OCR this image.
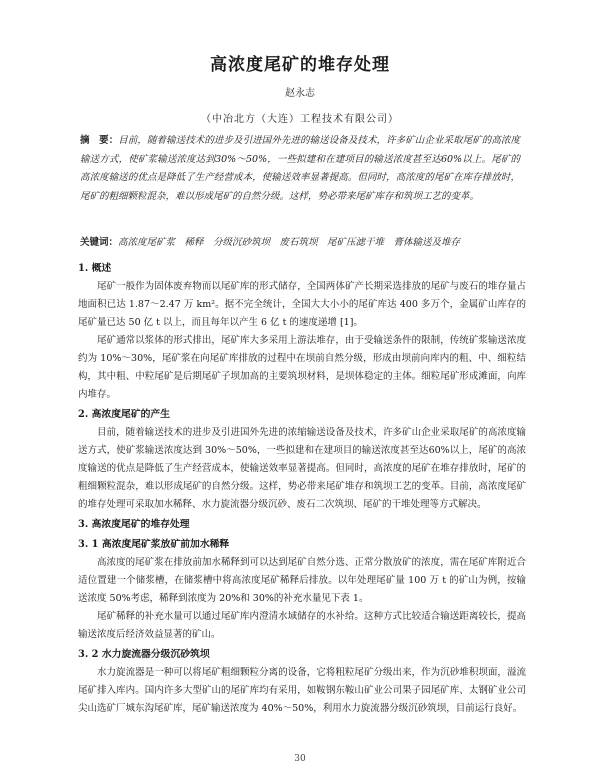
高浓度尾矿的堆存处理
赵永志
（中冶北方（大连）工程技术有限公司）
摘　要：目前，随着输送技术的进步及引进国外先进的输送设备及技术，许多矿山企业采取尾矿的高浓度输送方式，使矿浆输送浓度达到30%～50%，一些拟建和在建项目的输送浓度甚至达60%以上。尾矿的高浓度输送的优点是降低了生产经营成本，使输送效率显著提高。但同时，高浓度的尾矿在库存排放时，尾矿的粗细颗粒混杂，难以形成尾矿的自然分级。这样，势必带来尾矿库存和筑坝工艺的变革。
关键词：高浓度尾矿浆　稀释　分级沉砂筑坝　废石筑坝　尾矿压滤干堆　膏体输送及堆存
1. 概述

尾矿一般作为固体废弃物而以尾矿库的形式储存，全国两体矿产长期采选排放的尾矿与废石的堆存量占地面积已达 1.87～2.47 万 km²。据不完全统计，全国大大小小的尾矿库达 400 多万个，金属矿山库存的尾矿量已达 50 亿 t 以上，而且每年以产生 6 亿 t 的速度递增 [1]。

尾矿通常以浆体的形式排出，尾矿库大多采用上游法堆存，由于受输送条件的限制，传统矿浆输送浓度约为 10%～30%，尾矿浆在向尾矿库排放的过程中在坝前自然分级，形成由坝前向库内的粗、中、细粒结构，其中粗、中粒尾矿是后期尾矿子坝加高的主要筑坝材料，是坝体稳定的主体。细粒尾矿形成滩面，向库内堆存。

2. 高浓度尾矿的产生

目前，随着输送技术的进步及引进国外先进的浓缩输送设备及技术，许多矿山企业采取尾矿的高浓度输送方式，使矿浆输送浓度达到 30%～50%，一些拟建和在建项目的输送浓度甚至达60%以上，尾矿的高浓度输送的优点是降低了生产经营成本，使输送效率显著提高。但同时，高浓度的尾矿在堆存排放时，尾矿的粗细颗粒混杂，难以形成尾矿的自然分级。这样，势必带来尾矿堆存和筑坝工艺的变革。目前，高浓度尾矿的堆存处理可采取加水稀释、水力旋流器分级沉砂、废石二次筑坝、尾矿的干堆处理等方式解决。

3. 高浓度尾矿的堆存处理
3. 1 高浓度尾矿浆放矿前加水稀释

高浓度的尾矿浆在排放前加水稀释到可以达到尾矿自然分选、正常分散放矿的浓度，需在尾矿库附近合适位置建一个储浆槽，在储浆槽中将高浓度尾矿稀释后排放。以年处理尾矿量 100 万 t 的矿山为例，按输送浓度 50%考虑，稀释到浓度为 20%和 30%的补充水量见下表 1。

尾矿稀释的补充水量可以通过尾矿库内澄清水域储存的水补给。这种方式比较适合输送距离较长，提高输送浓度后经济效益显著的矿山。

3. 2 水力旋流器分级沉砂筑坝

水力旋流器是一种可以将尾矿粗细颗粒分离的设备，它将粗粒尾矿分级出来，作为沉砂堆积坝面，溢流尾矿排入库内。国内许多大型矿山的尾矿库均有采用，如鞍钢东鞍山矿业公司果子园尾矿库、太钢矿业公司尖山选矿厂城东沟尾矿库，尾矿输送浓度为 40%～50%，利用水力旋流器分级沉砂筑坝，目前运行良好。

30
